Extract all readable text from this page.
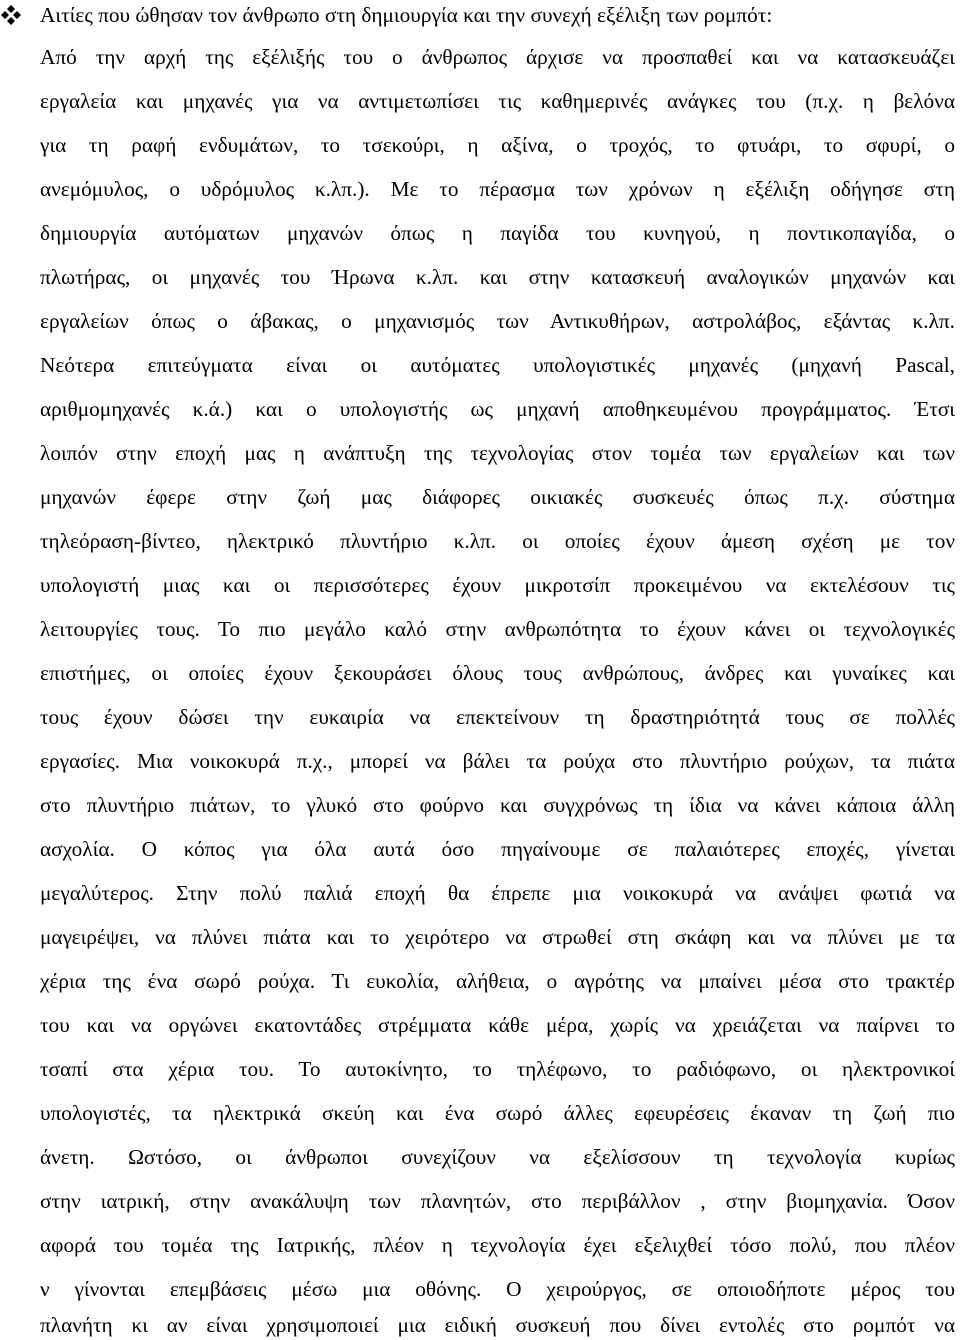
Αιτίες που ώθησαν τον άνθρωπο στη δημιουργία και την συνεχή εξέλιξη των ρομπότ:
Από την αρχή της εξέλιξής του ο άνθρωπος άρχισε να προσπαθεί και να κατασκευάζει
εργαλεία και μηχανές για να αντιμετωπίσει τις καθημερινές ανάγκες του (π.χ. η βελόνα
για τη ραφή ενδυμάτων, το τσεκούρι, η αξίνα, ο τροχός, το φτυάρι, το σφυρί, ο
ανεμόμυλος, ο υδρόμυλος κ.λπ.). Με το πέρασμα των χρόνων η εξέλιξη οδήγησε στη
δημιουργία αυτόματων μηχανών όπως η παγίδα του κυνηγού, η ποντικοπαγίδα, ο
πλωτήρας, οι μηχανές του Ήρωνα κ.λπ. και στην κατασκευή αναλογικών μηχανών και
εργαλείων όπως ο άβακας, ο μηχανισμός των Αντικυθήρων, αστρολάβος, εξάντας κ.λπ.
Νεότερα επιτεύγματα είναι οι αυτόματες υπολογιστικές μηχανές (μηχανή Pascal,
αριθμομηχανές κ.ά.) και ο υπολογιστής ως μηχανή αποθηκευμένου προγράμματος. Έτσι
λοιπόν στην εποχή μας η ανάπτυξη της τεχνολογίας στον τομέα των εργαλείων και των
μηχανών έφερε στην ζωή μας διάφορες οικιακές συσκευές όπως π.χ. σύστημα
τηλεόραση-βίντεο, ηλεκτρικό πλυντήριο κ.λπ. οι οποίες έχουν άμεση σχέση με τον
υπολογιστή μιας και οι περισσότερες έχουν μικροτσίπ προκειμένου να εκτελέσουν τις
λειτουργίες τους. Το πιο μεγάλο καλό στην ανθρωπότητα το έχουν κάνει οι τεχνολογικές
επιστήμες, οι οποίες έχουν ξεκουράσει όλους τους ανθρώπους, άνδρες και γυναίκες και
τους έχουν δώσει την ευκαιρία να επεκτείνουν τη δραστηριότητά τους σε πολλές
εργασίες. Μια νοικοκυρά π.χ., μπορεί να βάλει τα ρούχα στο πλυντήριο ρούχων, τα πιάτα
στο πλυντήριο πιάτων, το γλυκό στο φούρνο και συγχρόνως τη ίδια να κάνει κάποια άλλη
ασχολία. Ο κόπος για όλα αυτά όσο πηγαίνουμε σε παλαιότερες εποχές, γίνεται
μεγαλύτερος. Στην πολύ παλιά εποχή θα έπρεπε μια νοικοκυρά να ανάψει φωτιά να
μαγειρέψει, να πλύνει πιάτα και το χειρότερο να στρωθεί στη σκάφη και να πλύνει με τα
χέρια της ένα σωρό ρούχα. Τι ευκολία, αλήθεια, ο αγρότης να μπαίνει μέσα στο τρακτέρ
του και να οργώνει εκατοντάδες στρέμματα κάθε μέρα, χωρίς να χρειάζεται να παίρνει το
τσαπί στα χέρια του. Το αυτοκίνητο, το τηλέφωνο, το ραδιόφωνο, οι ηλεκτρονικοί
υπολογιστές, τα ηλεκτρικά σκεύη και ένα σωρό άλλες εφευρέσεις έκαναν τη ζωή πιο
άνετη. Ωστόσο, οι άνθρωποι συνεχίζουν να εξελίσσουν τη τεχνολογία κυρίως
στην ιατρική, στην ανακάλυψη των πλανητών, στο περιβάλλον , στην βιομηχανία. Όσον
αφορά του τομέα της Ιατρικής, πλέον η τεχνολογία έχει εξελιχθεί τόσο πολύ, που πλέον
ν γίνονται επεμβάσεις μέσω μια οθόνης. Ο χειρούργος, σε οποιοδήποτε μέρος του
πλανήτη κι αν είναι χρησιμοποιεί μια ειδική συσκευή που δίνει εντολές στο ρομπότ να
